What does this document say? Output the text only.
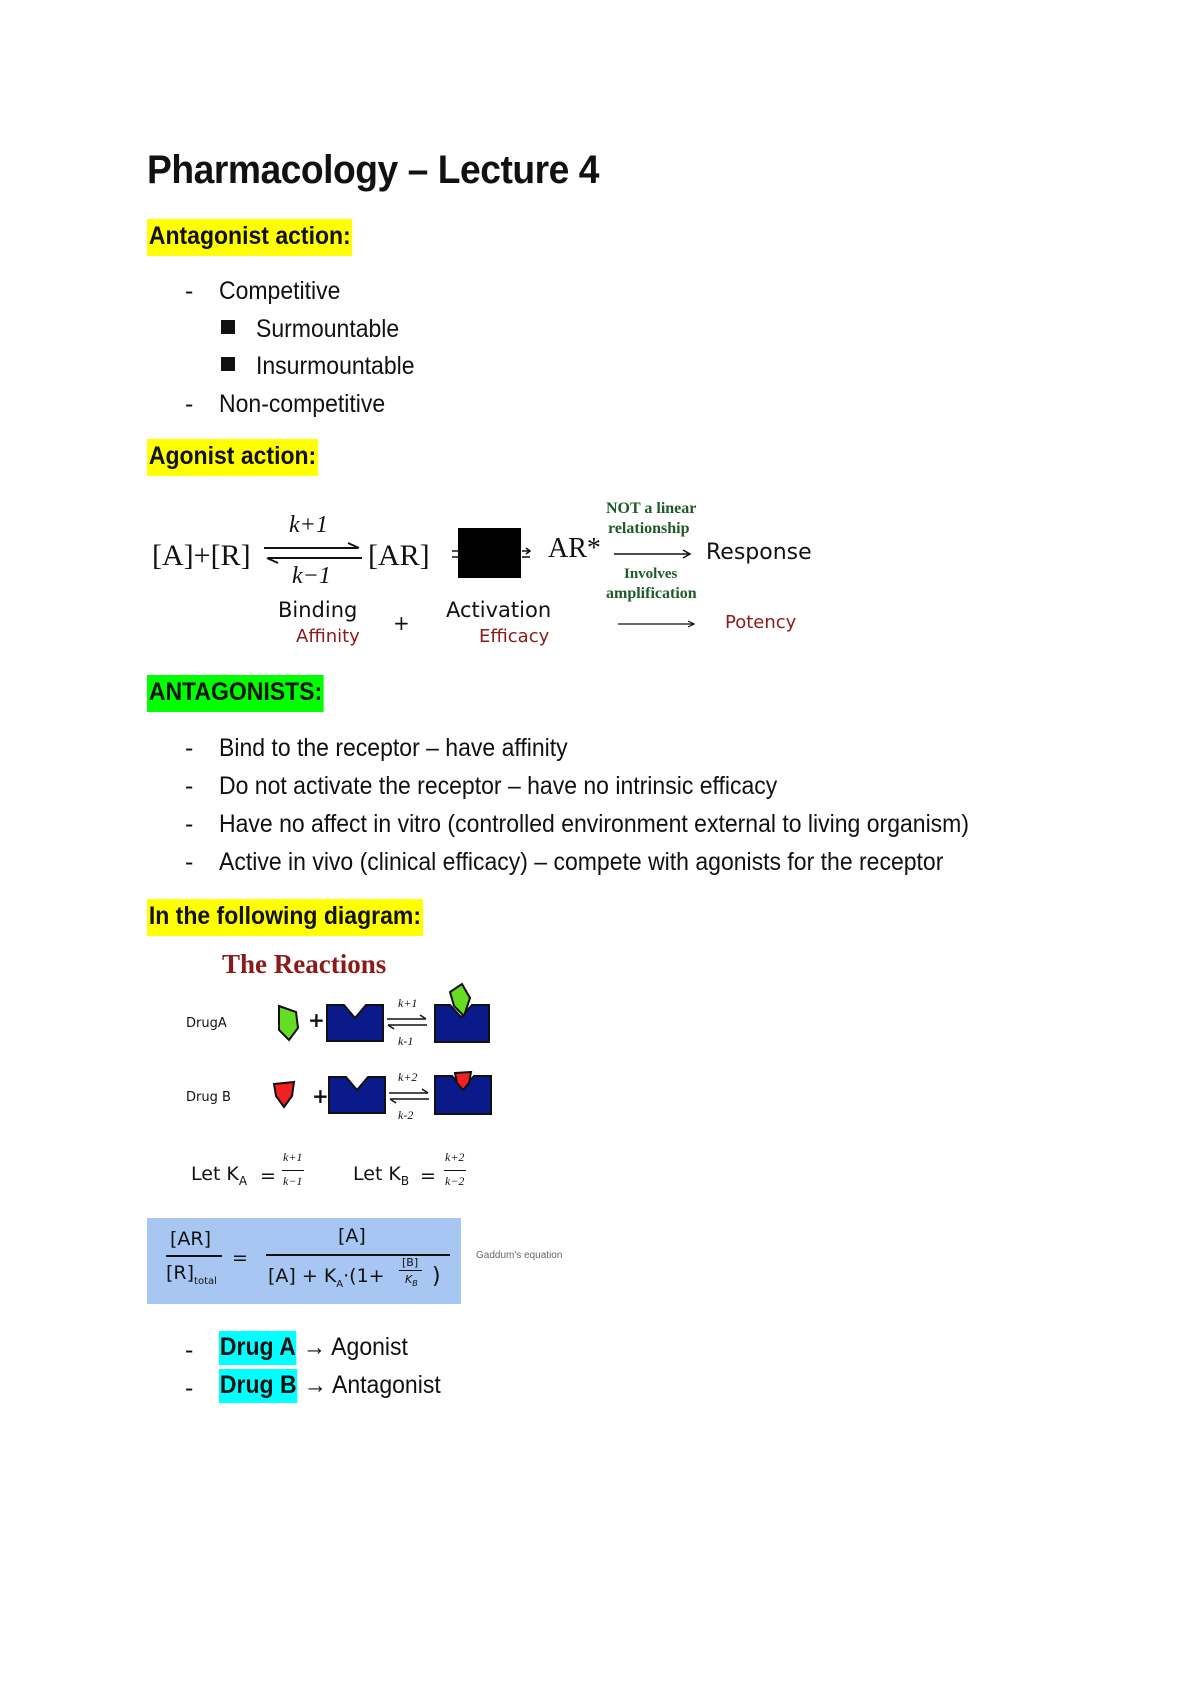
Pharmacology – Lecture 4
Antagonist action:
- Competitive
Surmountable
Insurmountable
- Non-competitive
Agonist action:
[A]+[R]
k+1
k−1
[AR]	AR*
NOT a linear
relationship
Involves
amplification
Response
Binding
Affinity
+
Activation
Efficacy
Potency
ANTAGONISTS:
- Bind to the receptor – have affinity
- Do not activate the receptor – have no intrinsic efficacy
- Have no affect in vitro (controlled environment external to living organism)
- Active in vivo (clinical efficacy) – compete with agonists for the receptor
In the following diagram:
The Reactions
DrugA	+
k+1
k-1
Drug B	+
k+2
k-2
Let $K_A$ =
k+1
k−1	Let $K_B$ =
k+2
k−2
[AR]
$[R]_{total}$
=
[A]
$[A] + K_A\cdot(1+$
[B]
$K_B$ )
Gaddum's equation
- Drug A → Agonist
- Drug B → Antagonist
